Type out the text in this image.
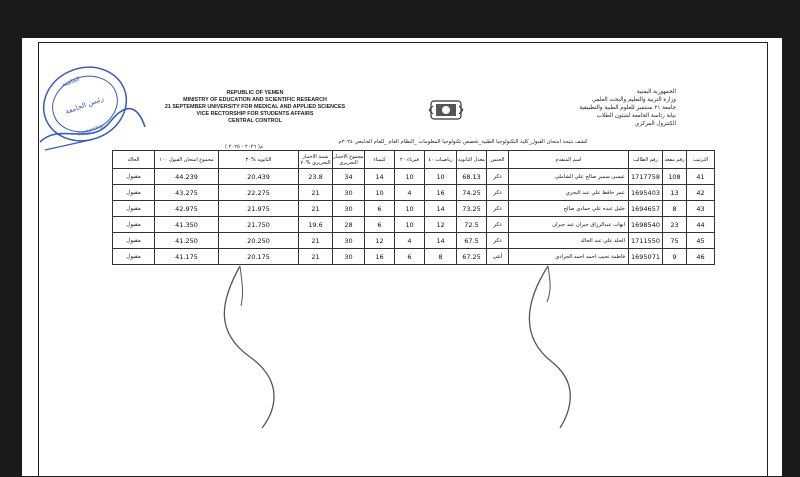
الجامعة
رئيس الجامعة
Rectorship
REPUBLIC OF YEMEN
MINISTRY OF EDUCATION AND SCIENTIFIC RESEARCH
21 SEPTEMBER UNIVERSITY FOR MEDICAL AND APPLIED SCIENCES
VICE RECTORSHIP FOR STUDENTS AFFAIRS
CENTRAL CONTROL
الجمهورية اليمنية
وزارة التربية والتعليم والبحث العلمي
جامعة ٢١ سبتمبر للعلوم الطبية والتطبيقية
نيابة رئاسة الجامعة لشئون الطلاب
الكنترول المركزي
كشف نتيجة امتحان القبول_كلية التكنولوجيا الطبية_تخصص تكنولوجيا المعلومات _النظام العام _للعام الجامعي ٢٠٢٤م
( ٢٠٢٦ - ٢٠٢٥ )م
الترتيب	رقم مقعد	رقم الطالب	اسم المتقدم	الجنس	معدل الثانوية	رياضيات ٤٠	فيزياء ٢٠	كيمياء	مجموع الاختبار التحريري	نسبة الاختبار التحريري %٧٠	الثانوية %٣٠	مجموع امتحان القبول ١٠٠	الحالة
41	108	1717758	عيسى سمير صالح علي الشاملي	ذكر	68.13	10	10	14	34	23.8	20.439	44.239	مقبول
42	13	1695403	عمر حافظ علي عبد البحري	ذكر	74.25	16	4	10	30	21	22.275	43.275	مقبول
43	8	1694657	خليل عبده علي حمادي صالح	ذكر	73.25	14	10	6	30	21	21.975	42.975	مقبول
44	23	1698540	ايهاب عبدالرزاق جبران عبد جبران	ذكر	72.5	12	10	6	28	19.6	21.750	41.350	مقبول
45	75	1711550	الخلد علي عبد الخالد	ذكر	67.5	14	4	12	30	21	20.250	41.250	مقبول
46	9	1695071	فاطمة نجيب احمد احمد الجرادي	أنثى	67.25	8	6	16	30	21	20.175	41.175	مقبول
